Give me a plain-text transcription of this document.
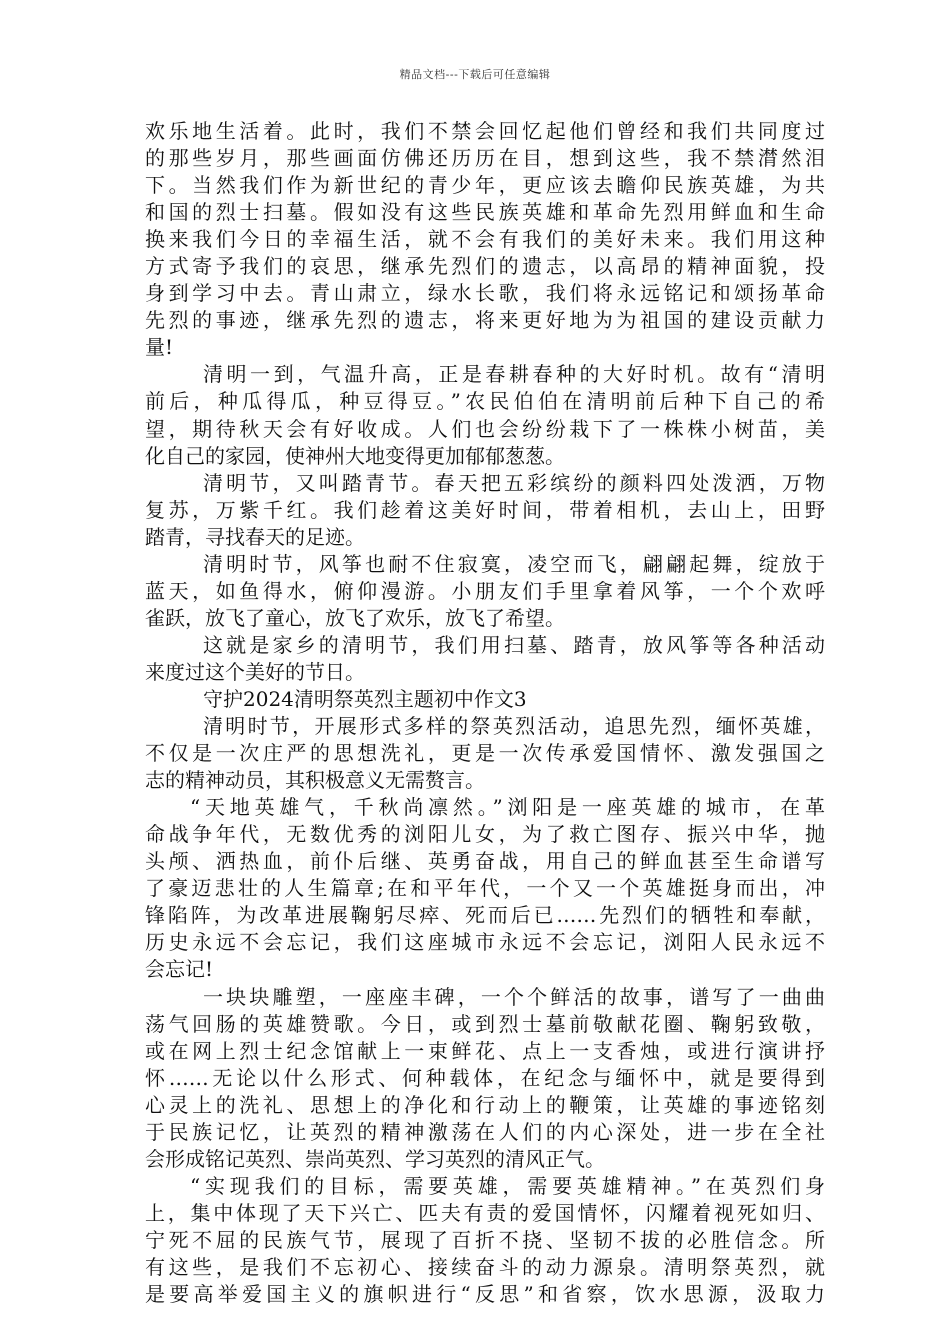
精品文档---下载后可任意编辑
欢乐地生活着。此时，我们不禁会回忆起他们曾经和我们共同度过
的那些岁月，那些画面仿佛还历历在目，想到这些，我不禁潸然泪
下。当然我们作为新世纪的青少年，更应该去瞻仰民族英雄，为共
和国的烈士扫墓。假如没有这些民族英雄和革命先烈用鲜血和生命
换来我们今日的幸福生活，就不会有我们的美好未来。我们用这种
方式寄予我们的哀思，继承先烈们的遗志，以高昂的精神面貌，投
身到学习中去。青山肃立，绿水长歌，我们将永远铭记和颂扬革命
先烈的事迹，继承先烈的遗志，将来更好地为为祖国的建设贡献力
量!
清明一到，气温升高，正是春耕春种的大好时机。故有“清明
前后，种瓜得瓜，种豆得豆。”农民伯伯在清明前后种下自己的希
望，期待秋天会有好收成。人们也会纷纷栽下了一株株小树苗，美
化自己的家园，使神州大地变得更加郁郁葱葱。
清明节，又叫踏青节。春天把五彩缤纷的颜料四处泼洒，万物
复苏，万紫千红。我们趁着这美好时间，带着相机，去山上，田野
踏青，寻找春天的足迹。
清明时节，风筝也耐不住寂寞，凌空而飞，翩翩起舞，绽放于
蓝天，如鱼得水，俯仰漫游。小朋友们手里拿着风筝，一个个欢呼
雀跃，放飞了童心，放飞了欢乐，放飞了希望。
这就是家乡的清明节，我们用扫墓、踏青，放风筝等各种活动
来度过这个美好的节日。
守护2024清明祭英烈主题初中作文3
清明时节，开展形式多样的祭英烈活动，追思先烈，缅怀英雄，
不仅是一次庄严的思想洗礼，更是一次传承爱国情怀、激发强国之
志的精神动员，其积极意义无需赘言。
“天地英雄气，千秋尚凛然。”浏阳是一座英雄的城市，在革
命战争年代，无数优秀的浏阳儿女，为了救亡图存、振兴中华，抛
头颅、洒热血，前仆后继、英勇奋战，用自己的鲜血甚至生命谱写
了豪迈悲壮的人生篇章;在和平年代，一个又一个英雄挺身而出，冲
锋陷阵，为改革进展鞠躬尽瘁、死而后已……先烈们的牺牲和奉献，
历史永远不会忘记，我们这座城市永远不会忘记，浏阳人民永远不
会忘记!
一块块雕塑，一座座丰碑，一个个鲜活的故事，谱写了一曲曲
荡气回肠的英雄赞歌。今日，或到烈士墓前敬献花圈、鞠躬致敬，
或在网上烈士纪念馆献上一束鲜花、点上一支香烛，或进行演讲抒
怀……无论以什么形式、何种载体，在纪念与缅怀中，就是要得到
心灵上的洗礼、思想上的净化和行动上的鞭策，让英雄的事迹铭刻
于民族记忆，让英烈的精神激荡在人们的内心深处，进一步在全社
会形成铭记英烈、崇尚英烈、学习英烈的清风正气。
“实现我们的目标，需要英雄，需要英雄精神。”在英烈们身
上，集中体现了天下兴亡、匹夫有责的爱国情怀，闪耀着视死如归、
宁死不屈的民族气节，展现了百折不挠、坚韧不拔的必胜信念。所
有这些，是我们不忘初心、接续奋斗的动力源泉。清明祭英烈，就
是要高举爱国主义的旗帜进行“反思”和省察，饮水思源，汲取力
